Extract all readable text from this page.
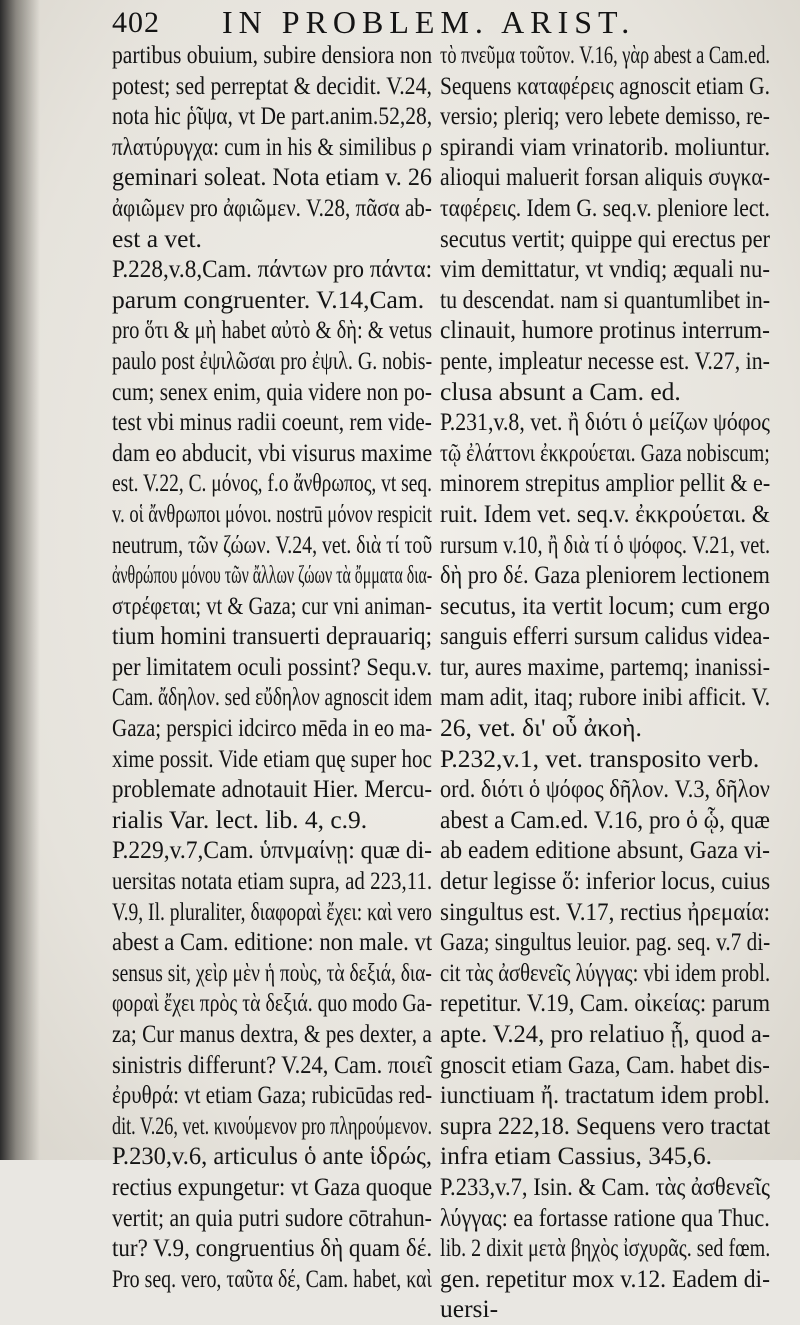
402 IN PROBLEM. ARIST.
partibus obuium, subire densiora non
potest; sed perreptat & decidit. V.24,
nota hic ῥῖψα, vt De part.anim.52,28,
πλατύρυγχα: cum in his & similibus ρ
geminari soleat. Nota etiam v. 26
ἀφιῶμεν pro ἀφιῶμεν. V.28, πᾶσα ab-
est a vet.
P.228,v.8,Cam. πάντων pro πάντα:
parum congruenter. V.14,Cam.
pro ὅτι & μὴ habet αὐτὸ & δὴ: & vetus
paulo post ἐψιλῶσαι pro ἐψιλ. G. nobis-
cum; senex enim, quia videre non po-
test vbi minus radii coeunt, rem vide-
dam eo abducit, vbi visurus maxime
est. V.22, C. μόνος, f.ο ἄνθρωπος, vt seq.
v. οἱ ἄνθρωποι μόνοι. nostrū μόνον respicit
neutrum, τῶν ζώων. V.24, vet. διὰ τί τοῦ
ἀνθρώπου μόνου τῶν ἄλλων ζώων τὰ ὄμματα δια-
στρέφεται; vt & Gaza; cur vni animan-
tium homini transuerti deprauariq;
per limitatem oculi possint? Sequ.v.
Cam. ἄδηλον. sed εὔδηλον agnoscit idem
Gaza; perspici idcirco mēda in eo ma-
xime possit. Vide etiam quę super hoc
problemate adnotauit Hier. Mercu-
rialis Var. lect. lib. 4, c.9.
P.229,v.7,Cam. ὑπνμαίνῃ: quæ di-
uersitas notata etiam supra, ad 223,11.
V.9, Il. pluraliter, διαφοραὶ ἔχει: καὶ vero
abest a Cam. editione: non male. vt
sensus sit, χεὶρ μὲν ἡ ποὺς, τὰ δεξιά, δια-
φοραὶ ἔχει πρὸς τὰ δεξιά. quo modo Ga-
za; Cur manus dextra, & pes dexter, a
sinistris differunt? V.24, Cam. ποιεῖ
ἐρυθρά: vt etiam Gaza; rubicūdas red-
dit. V.26, vet. κινούμενον pro πληρούμενον.
P.230,v.6, articulus ὁ ante ἱδρώς,
rectius expungetur: vt Gaza quoque
vertit; an quia putri sudore cōtrahun-
tur? V.9, congruentius δὴ quam δέ.
Pro seq. vero, ταῦτα δέ, Cam. habet, καὶ
τὸ πνεῦμα τοῦτον. V.16, γὰρ abest a Cam.ed.
Sequens καταφέρεις agnoscit etiam G.
versio; pleriq; vero lebete demisso, re-
spirandi viam vrinatorib. moliuntur.
alioqui maluerit forsan aliquis συγκα-
ταφέρεις. Idem G. seq.v. pleniore lect.
secutus vertit; quippe qui erectus per
vim demittatur, vt vndiq; æquali nu-
tu descendat. nam si quantumlibet in-
clinauit, humore protinus interrum-
pente, impleatur necesse est. V.27, in-
clusa absunt a Cam. ed.
P.231,v.8, vet. ἢ διότι ὁ μείζων ψόφος
τῷ ἐλάττονι ἐκκρούεται. Gaza nobiscum;
minorem strepitus amplior pellit & e-
ruit. Idem vet. seq.v. ἐκκρούεται. &
rursum v.10, ἢ διὰ τί ὁ ψόφος. V.21, vet.
δὴ pro δέ. Gaza pleniorem lectionem
secutus, ita vertit locum; cum ergo
sanguis efferri sursum calidus videa-
tur, aures maxime, partemq; inanissi-
mam adit, itaq; rubore inibi afficit. V.
26, vet. δι' οὗ ἀκοὴ.
P.232,v.1, vet. transposito verb.
ord. διότι ὁ ψόφος δῆλον. V.3, δῆλον
abest a Cam.ed. V.16, pro ὁ ᾧ, quæ
ab eadem editione absunt, Gaza vi-
detur legisse ὅ: inferior locus, cuius
singultus est. V.17, rectius ἠρεμαία:
Gaza; singultus leuior. pag. seq. v.7 di-
cit τὰς ἀσθενεῖς λύγγας: vbi idem probl.
repetitur. V.19, Cam. οἰκείας: parum
apte. V.24, pro relatiuo ᾗ, quod a-
gnoscit etiam Gaza, Cam. habet dis-
iunctiuam ἤ. tractatum idem probl.
supra 222,18. Sequens vero tractat
infra etiam Cassius, 345,6.
P.233,v.7, Isin. & Cam. τὰς ἀσθενεῖς
λύγγας: ea fortasse ratione qua Thuc.
lib. 2 dixit μετὰ βηχὸς ἰσχυρᾶς. sed fœm.
gen. repetitur mox v.12. Eadem di-
uersi-
